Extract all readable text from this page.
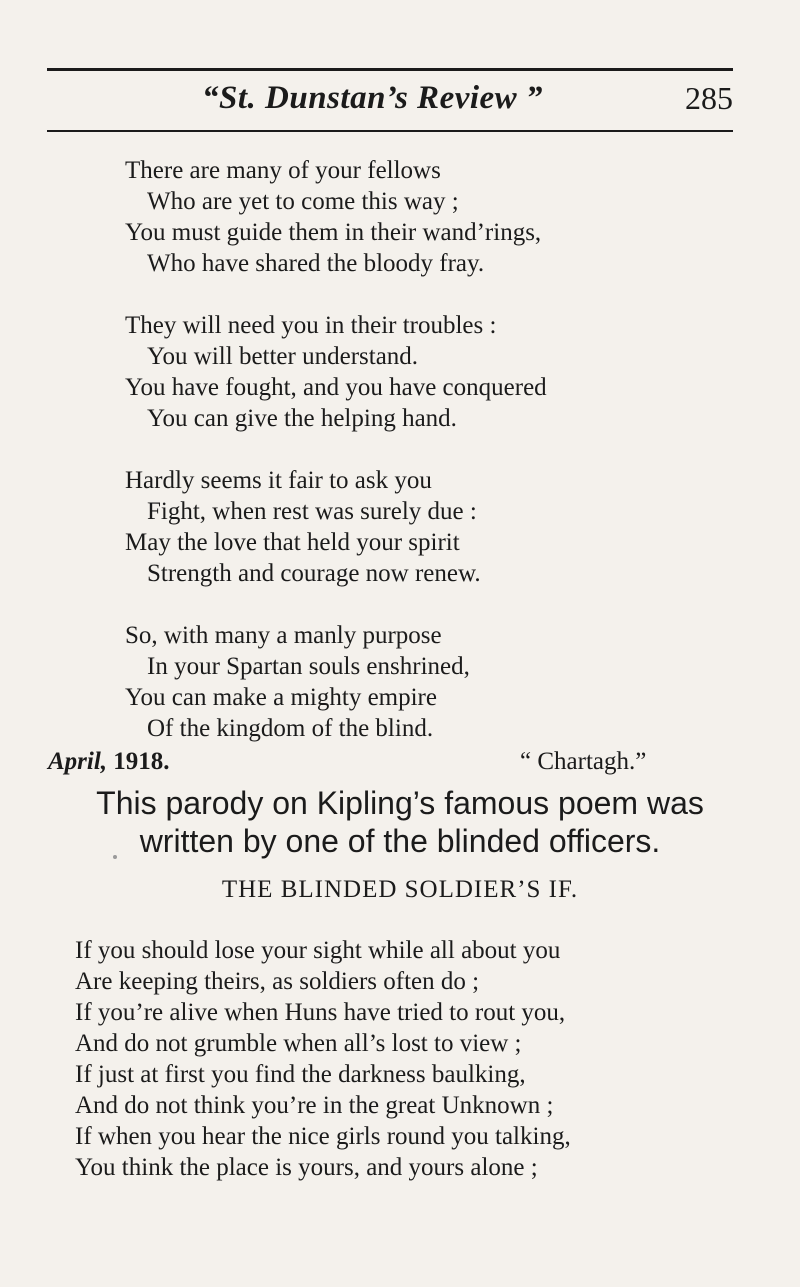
“St. Dunstan’s Review ”	285
There are many of your fellows
Who are yet to come this way ;
You must guide them in their wand’rings,
Who have shared the bloody fray.
They will need you in their troubles :
You will better understand.
You have fought, and you have conquered
You can give the helping hand.
Hardly seems it fair to ask you
Fight, when rest was surely due :
May the love that held your spirit
Strength and courage now renew.
So, with many a manly purpose
In your Spartan souls enshrined,
You can make a mighty empire
Of the kingdom of the blind.
April, 1918.	“ Chartagh.”
This parody on Kipling’s famous poem was
written by one of the blinded officers.
THE BLINDED SOLDIER’S IF.
If you should lose your sight while all about you
Are keeping theirs, as soldiers often do ;
If you’re alive when Huns have tried to rout you,
And do not grumble when all’s lost to view ;
If just at first you find the darkness baulking,
And do not think you’re in the great Unknown ;
If when you hear the nice girls round you talking,
You think the place is yours, and yours alone ;
